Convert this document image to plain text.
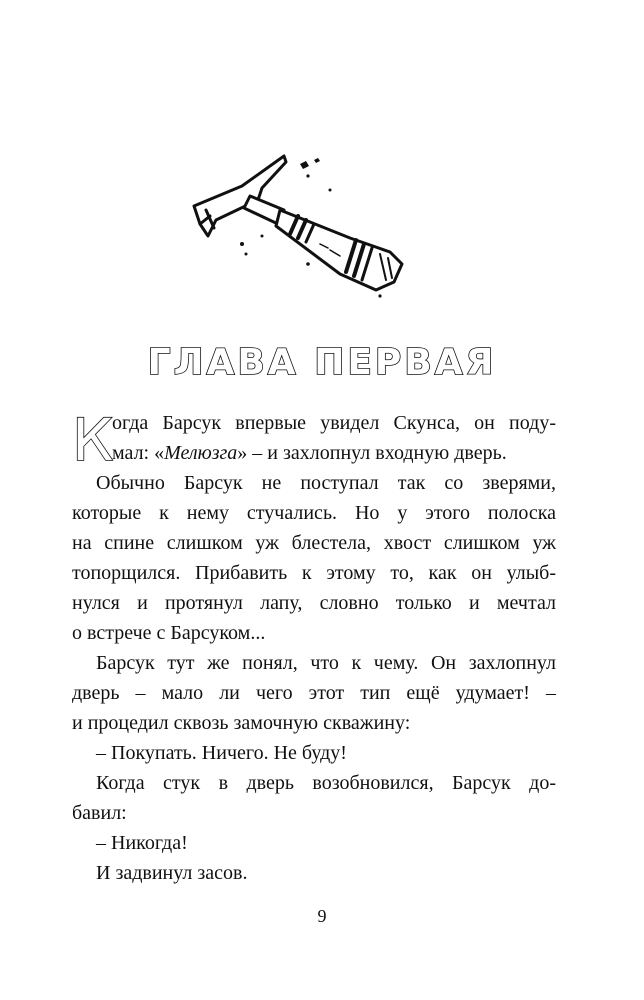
ГЛАВА ПЕРВАЯ
К
огда Барсук впервые увидел Скунса, он поду-
мал: «Мелюзга» – и захлопнул входную дверь.
Обычно Барсук не поступал так со зверями,
которые к нему стучались. Но у этого полоска
на спине слишком уж блестела, хвост слишком уж
топорщился. Прибавить к этому то, как он улыб-
нулся и протянул лапу, словно только и мечтал
о встрече с Барсуком...
Барсук тут же понял, что к чему. Он захлопнул
дверь – мало ли чего этот тип ещё удумает! –
и процедил сквозь замочную скважину:
– Покупать. Ничего. Не буду!
Когда стук в дверь возобновился, Барсук до-
бавил:
– Никогда!
И задвинул засов.
9
